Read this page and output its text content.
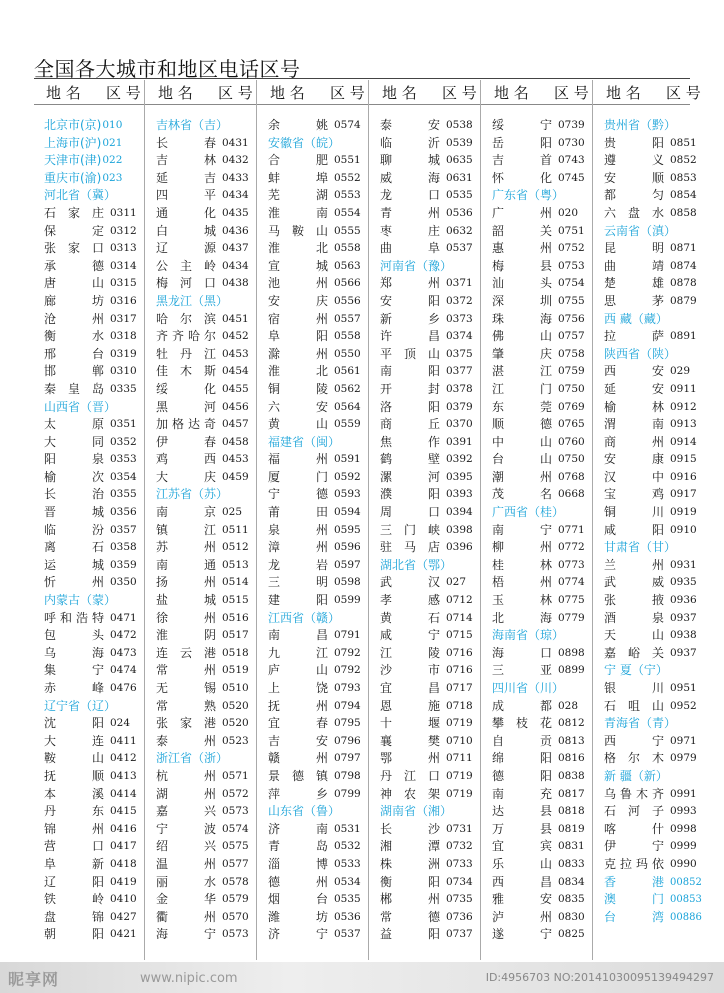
全国各大城市和地区电话区号
地 名	区 号	地 名	区 号	地 名	区 号	地 名	区 号	地 名	区 号	地 名	区 号
北京市(京) 010
上海市(沪) 021
天津市(津) 022
重庆市(渝) 023
河北省（冀）
石家庄 0311
保定 0312
张家口 0313
承德 0314
唐山 0315
廊坊 0316
沧州 0317
衡水 0318
邢台 0319
邯郸 0310
秦皇岛 0335
山西省（晋）
太原 0351
大同 0352
阳泉 0353
榆次 0354
长治 0355
晋城 0356
临汾 0357
离石 0358
运城 0359
忻州 0350
内蒙古（蒙）
呼和浩特 0471
包头 0472
乌海 0473
集宁 0474
赤峰 0476
辽宁省（辽）
沈阳 024
大连 0411
鞍山 0412
抚顺 0413
本溪 0414
丹东 0415
锦州 0416
营口 0417
阜新 0418
辽阳 0419
铁岭 0410
盘锦 0427
朝阳 0421
吉林省（吉）
长春 0431
吉林 0432
延吉 0433
四平 0434
通化 0435
白城 0436
辽源 0437
公主岭 0434
梅河口 0438
黑龙江（黑）
哈尔滨 0451
齐齐哈尔 0452
牡丹江 0453
佳木斯 0454
绥化 0455
黑河 0456
加格达奇 0457
伊春 0458
鸡西 0453
大庆 0459
江苏省（苏）
南京 025
镇江 0511
苏州 0512
南通 0513
扬州 0514
盐城 0515
徐州 0516
淮阴 0517
连云港 0518
常州 0519
无锡 0510
常熟 0520
张家港 0520
泰州 0523
浙江省（浙）
杭州 0571
湖州 0572
嘉兴 0573
宁波 0574
绍兴 0575
温州 0577
丽水 0578
金华 0579
衢州 0570
海宁 0573
余姚 0574
安徽省（皖）
合肥 0551
蚌埠 0552
芜湖 0553
淮南 0554
马鞍山 0555
淮北 0558
宣城 0563
池州 0566
安庆 0556
宿州 0557
阜阳 0558
滁州 0550
淮北 0561
铜陵 0562
六安 0564
黄山 0559
福建省（闽）
福州 0591
厦门 0592
宁德 0593
莆田 0594
泉州 0595
漳州 0596
龙岩 0597
三明 0598
建阳 0599
江西省（赣）
南昌 0791
九江 0792
庐山 0792
上饶 0793
抚州 0794
宜春 0795
吉安 0796
赣州 0797
景德镇 0798
萍乡 0799
山东省（鲁）
济南 0531
青岛 0532
淄博 0533
德州 0534
烟台 0535
潍坊 0536
济宁 0537
泰安 0538
临沂 0539
聊城 0635
威海 0631
龙口 0535
青州 0536
枣庄 0632
曲阜 0537
河南省（豫）
郑州 0371
安阳 0372
新乡 0373
许昌 0374
平顶山 0375
南阳 0377
开封 0378
洛阳 0379
商丘 0370
焦作 0391
鹤壁 0392
漯河 0395
濮阳 0393
周口 0394
三门峡 0398
驻马店 0396
湖北省（鄂）
武汉 027
孝感 0712
黄石 0714
咸宁 0715
江陵 0716
沙市 0716
宜昌 0717
恩施 0718
十堰 0719
襄樊 0710
鄂州 0711
丹江口 0719
神农架 0719
湖南省（湘）
长沙 0731
湘潭 0732
株洲 0733
衡阳 0734
郴州 0735
常德 0736
益阳 0737
绥宁 0739
岳阳 0730
吉首 0743
怀化 0745
广东省（粤）
广州 020
韶关 0751
惠州 0752
梅县 0753
汕头 0754
深圳 0755
珠海 0756
佛山 0757
肇庆 0758
湛江 0759
江门 0750
东莞 0769
顺德 0765
中山 0760
台山 0750
潮州 0768
茂名 0668
广西省（桂）
南宁 0771
柳州 0772
桂林 0773
梧州 0774
玉林 0775
北海 0779
海南省（琼）
海口 0898
三亚 0899
四川省（川）
成都 028
攀枝花 0812
自贡 0813
绵阳 0816
德阳 0838
南充 0817
达县 0818
万县 0819
宜宾 0831
乐山 0833
西昌 0834
雅安 0835
泸州 0830
遂宁 0825
贵州省（黔）
贵阳 0851
遵义 0852
安顺 0853
都匀 0854
六盘水 0858
云南省（滇）
昆明 0871
曲靖 0874
楚雄 0878
思茅 0879
西 藏（藏）
拉萨 0891
陕西省（陕）
西安 029
延安 0911
榆林 0912
渭南 0913
商州 0914
安康 0915
汉中 0916
宝鸡 0917
铜川 0919
咸阳 0910
甘肃省（甘）
兰州 0931
武威 0935
张掖 0936
酒泉 0937
天山 0938
嘉峪关 0937
宁 夏（宁）
银川 0951
石咀山 0952
青海省（青）
西宁 0971
格尔木 0979
新 疆（新）
乌鲁木齐 0991
石河子 0993
喀什 0998
伊宁 0999
克拉玛依 0990
香港 00852
澳门 00853
台湾 00886
昵享网	www.nipic.com	ID:4956703 NO:20141030095139494297
